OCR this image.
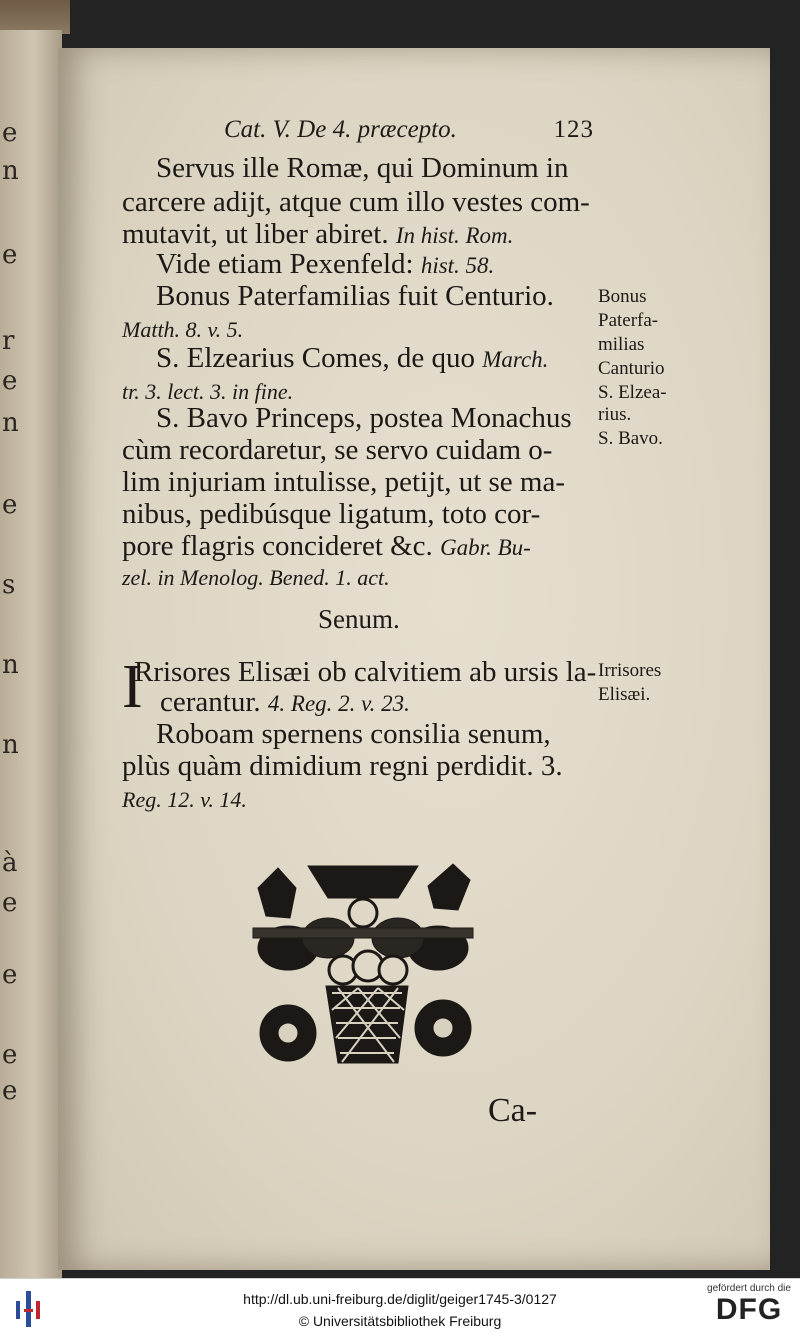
e
n
e
r
e
n
e
s
n
n
à
e
e
e
e
Cat. V. De 4. præcepto.	123
Servus ille Romæ, qui Dominum in
carcere adijt, atque cum illo vestes com-
mutavit, ut liber abiret. In hist. Rom.
Vide etiam Pexenfeld: hist. 58.
Bonus Paterfamilias fuit Centurio.
Matth. 8. v. 5.
S. Elzearius Comes, de quo March.
tr. 3. lect. 3. in fine.
S. Bavo Princeps, postea Monachus
cùm recordaretur, se servo cuidam o-
lim injuriam intulisse, petijt, ut se ma-
nibus, pedibúsque ligatum, toto cor-
pore flagris concideret &c. Gabr. Bu-
zel. in Menolog. Bened. 1. act.
Bonus
Paterfa-
milias
Canturio
S. Elzea-
rius.
S. Bavo.
Irrisores
Elisæi.
Senum.
I
Rrisores Elisæi ob calvitiem ab ursis la-
cerantur. 4. Reg. 2. v. 23.
Roboam spernens consilia senum,
plùs quàm dimidium regni perdidit. 3.
Reg. 12. v. 14.
Ca-
http://dl.ub.uni-freiburg.de/diglit/geiger1745-3/0127
© Universitätsbibliothek Freiburg
gefördert durch die
DFG
